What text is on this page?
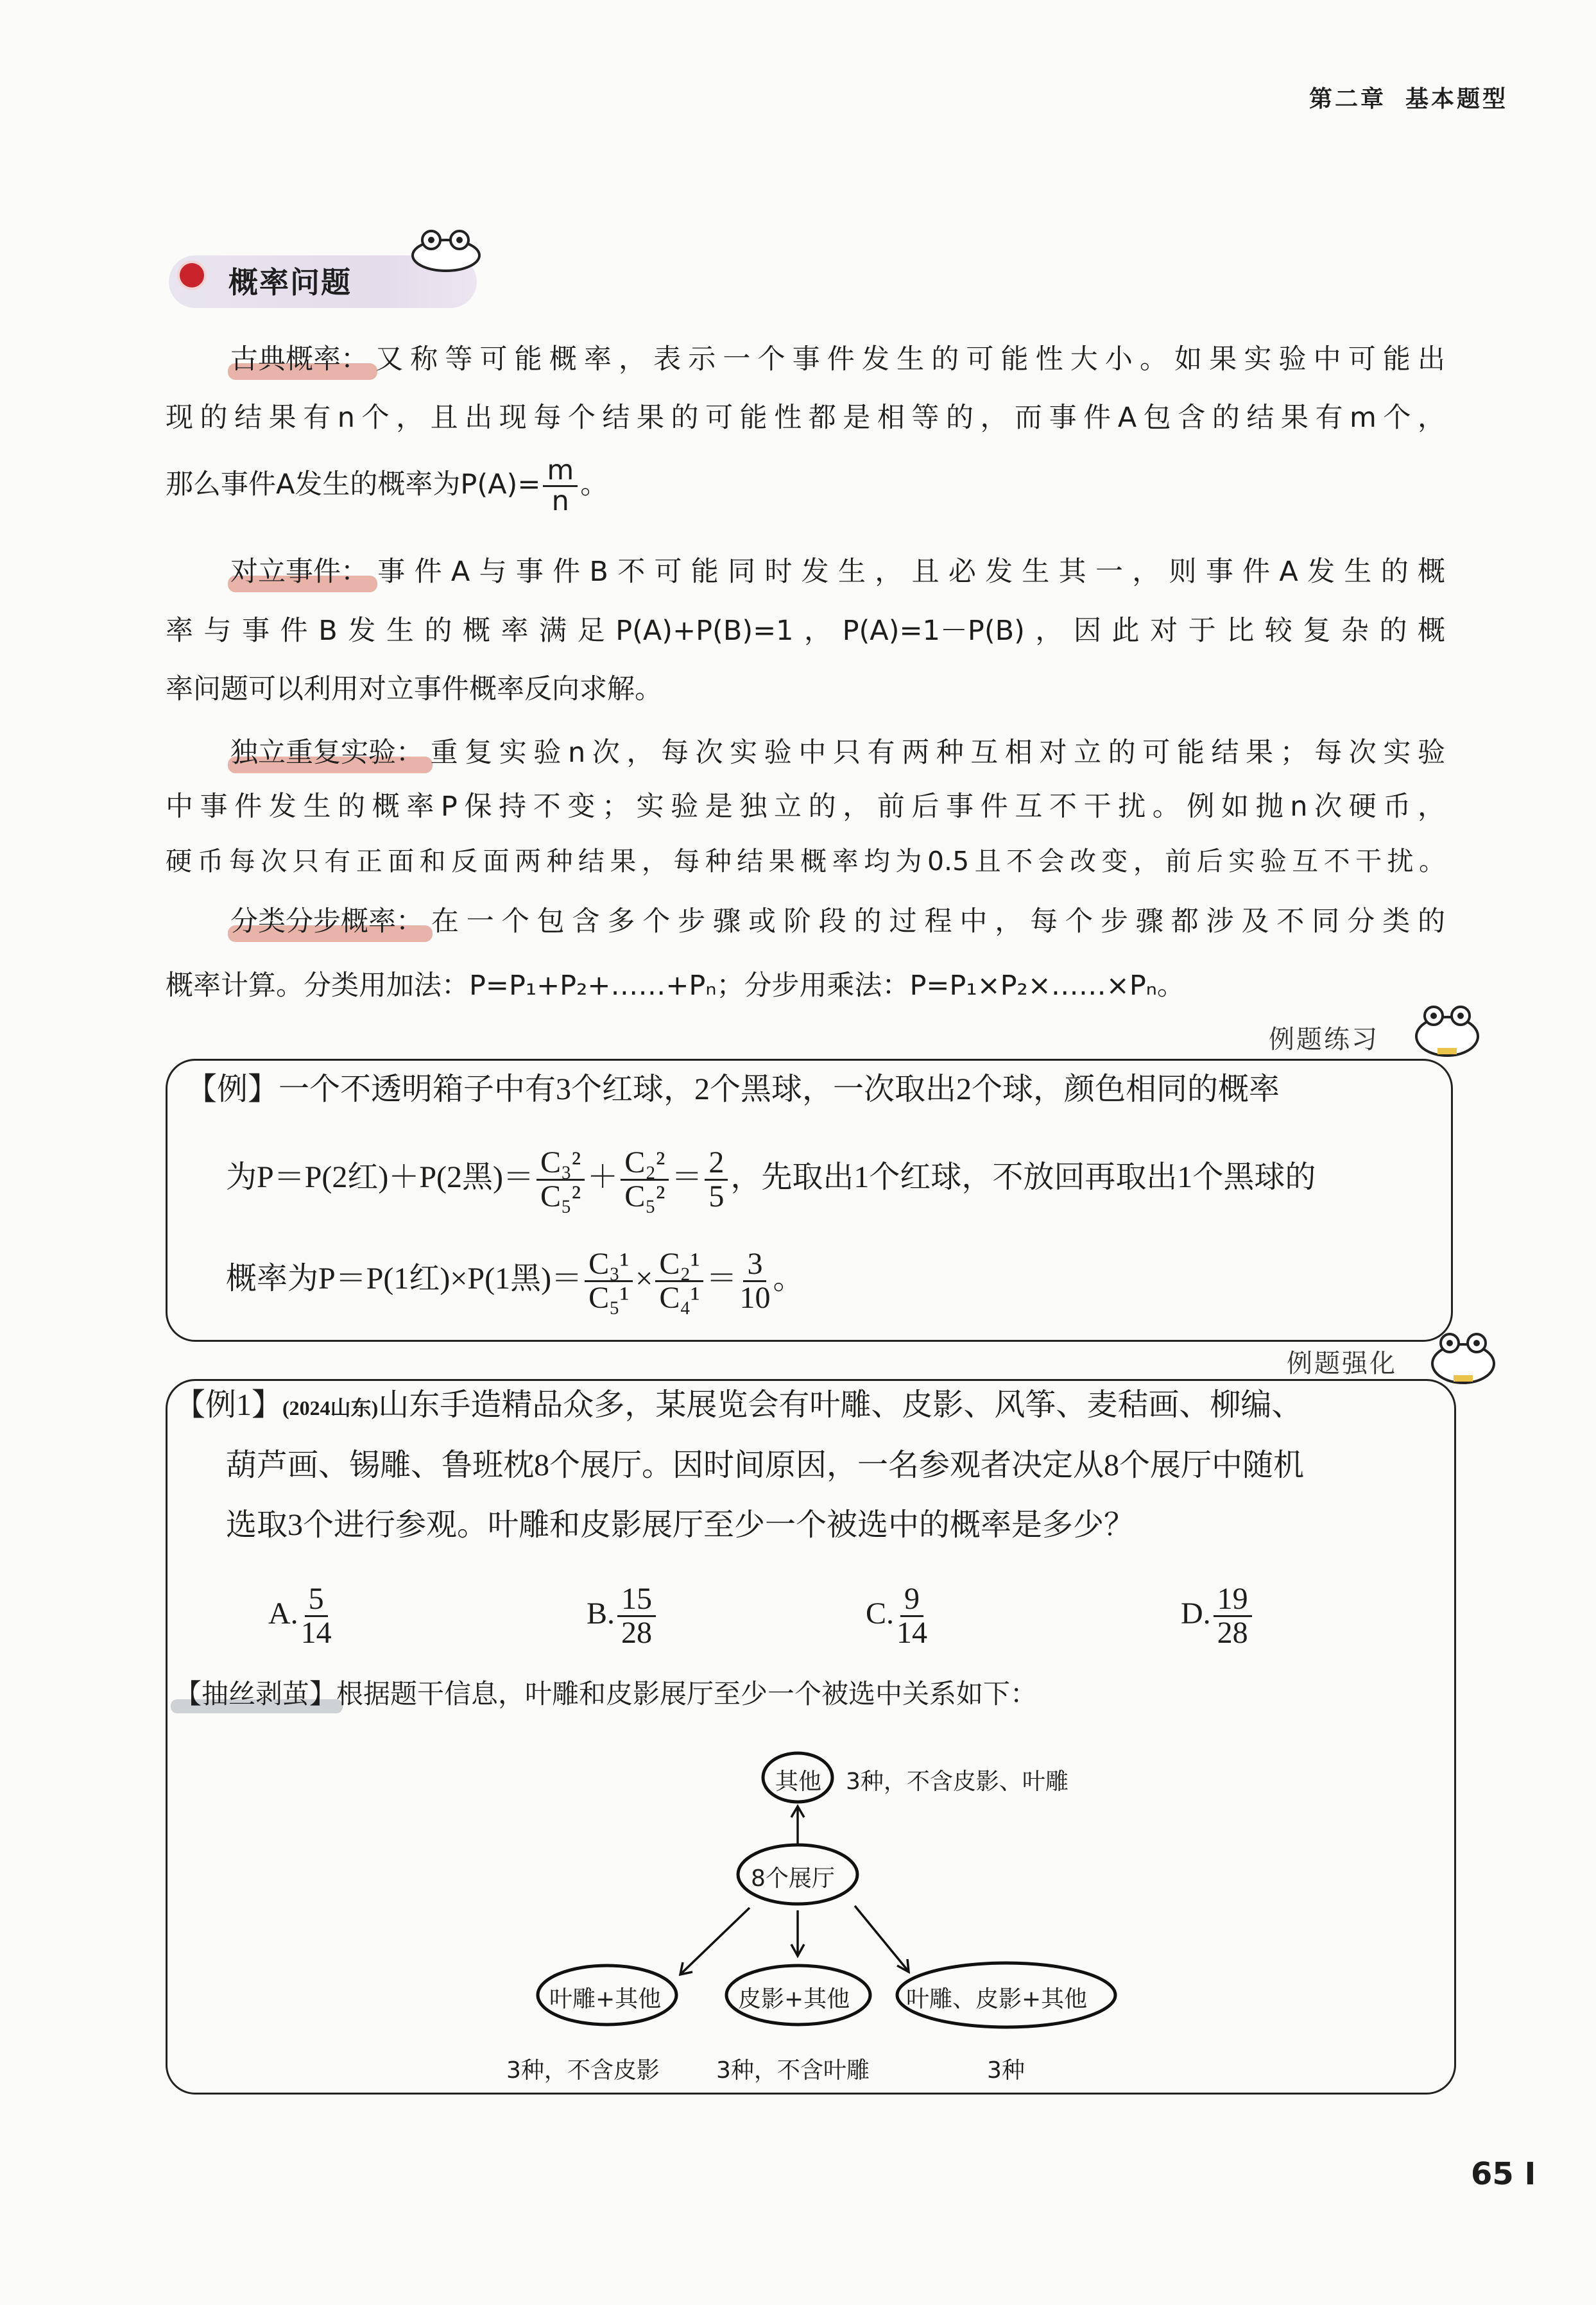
第二章 基本题型
概率问题
古典概率：又称等可能概率，表示一个事件发生的可能性大小。如果实验中可能出
现的结果有n个，且出现每个结果的可能性都是相等的，而事件A包含的结果有m个，
那么事件A发生的概率为$P(A)= \frac{m}{n}$ 。
对立事件：事件A与事件B不可能同时发生，且必发生其一，则事件A发生的概
率与事件B发生的概率满足P(A)+P(B)=1，P(A)=1－P(B)，因此对于比较复杂的概
率问题可以利用对立事件概率反向求解。
独立重复实验：重复实验n次，每次实验中只有两种互相对立的可能结果；每次实验
中事件发生的概率P保持不变；实验是独立的，前后事件互不干扰。例如抛n次硬币，
硬币每次只有正面和反面两种结果，每种结果概率均为0.5且不会改变，前后实验互不干扰。
分类分步概率：在一个包含多个步骤或阶段的过程中，每个步骤都涉及不同分类的
概率计算。分类用加法：P=P₁+P₂+……+Pₙ；分步用乘法：P=P₁×P₂×……×Pₙ。
例题练习
【例】一个不透明箱子中有3个红球，2个黑球，一次取出2个球，颜色相同的概率
为P＝P(2红)＋P(2黑)＝ $\frac{\text{C₃²}}{\text{C₅²}} + \frac{\text{C₂²}}{\text{C₅²}} = \frac{2}{5}$ ，先取出1个红球，不放回再取出1个黑球的
概率为P＝P(1红)×P(1黑)＝ $\frac{\text{C₃¹}}{\text{C₅¹}} \times \frac{\text{C₂¹}}{\text{C₄¹}} = \frac{3}{10}$ 。
例题强化
【例1】(2024山东)山东手造精品众多，某展览会有叶雕、皮影、风筝、麦秸画、柳编、
葫芦画、锡雕、鲁班枕8个展厅。因时间原因，一名参观者决定从8个展厅中随机
选取3个进行参观。叶雕和皮影展厅至少一个被选中的概率是多少？
A. $\frac{5}{14}$	B. $\frac{15}{28}$	C. $\frac{9}{14}$	D. $\frac{19}{28}$
【抽丝剥茧】根据题干信息，叶雕和皮影展厅至少一个被选中关系如下：
其他 3种，不含皮影、叶雕
8个展厅
叶雕+其他	皮影+其他 叶雕、皮影+其他
3种，不含皮影 3种，不含叶雕	3种
65 I
